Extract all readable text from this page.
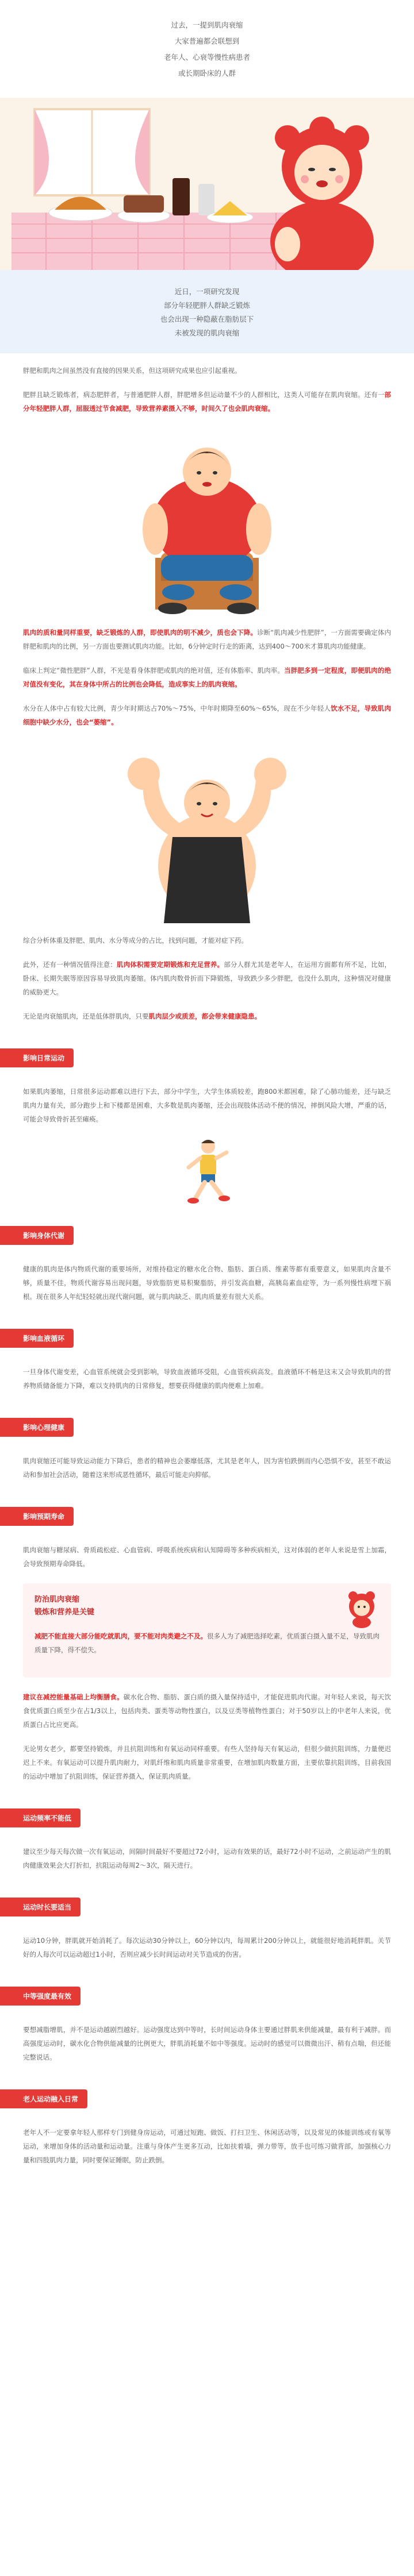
过去，一提到肌肉衰缩
大家普遍都会联想到
老年人、心衰等慢性病患者
或长期卧床的人群
近日，一项研究发现
部分年轻肥胖人群缺乏锻炼
也会出现一种隐蔽在脂肪层下
未被发现的肌肉衰缩

胖肥和肌肉之间虽然没有直接的因果关系，但这项研究成果也应引起重视。

肥胖且缺乏锻炼者，病态肥胖者，与普通肥胖人群，胖肥增多但运动量不少的人群相比，这类人可能存在肌肉衰缩。还有一部分年轻肥胖人群，屈服透过节食减肥，导致营养素摄入不够，时间久了也会肌肉衰缩。

肌肉的质和量同样重要，缺乏锻炼的人群，即使肌肉的明不减少，质也会下降。诊断“肌肉减少性肥胖”，一方面需要确定体内胖肥和肌肉的比例，另一方面也要测试肌肉功能。比如，6分钟定时行走的距离，达到400～700米才算肌肉功能健康。

临床上判定“微性肥胖”人群，不光是看身体胖肥或肌肉的绝对值，还有体脂率、肌肉率。当胖肥多到一定程度，即便肌肉的绝对值没有变化，其在身体中所占的比例也会降低，造成事实上的肌肉衰缩。

水分在人体中占有较大比例，青少年时期达占70%～75%，中年时期降至60%～65%，现在不少年轻人饮水不足，导致肌肉细胞中缺少水分，也会“萎缩”。

综合分析体重及胖肥、肌肉、水分等成分的占比，找到问题，才能对症下药。

此外，还有一种情况值得注意：肌肉体积需要定期锻炼和充足营养。部分人群尤其是老年人，在运用方面都有所不足，比如，卧床、长期失眠等原因容易导致肌肉萎缩。体内肌肉数骨折而下降锻炼，导致跌少多少胖肥，也没什么肌肉，这种情况对健康的威胁更大。

无论是肉衰缩肌肉，还是低体胖肌肉，只要肌肉层少或质差，都会带来健康隐患。

影响日常运动

如果肌肉萎缩，日常很多运动都难以进行下去，部分中学生，大学生体质较差，跑800米都困难，除了心肺功能差，还与缺乏肌肉力量有关，部分跑步上和下楼都是困难，大多数是肌肉萎缩，还会出现肢体活动不便的情况，摔倒风险大增，严重的话，可能会导致骨折甚至瘫痪。

影响身体代谢

健康的肌肉是体内物质代谢的重要场所，对维持稳定的糖水化合物、脂肪、蛋白质、维素等都有重要意义，如果肌肉含量不够，质量不佳，物质代谢容易出现问题，导致脂肪更易积聚脂肪，并引发高血糖，高胰岛素血症等，为一系列慢性病埋下祸根。现在很多人年纪轻轻就出现代谢问题，就与肌肉缺乏、肌肉质量差有很大关系。

影响血液循环

一旦身体代谢变差，心血管系统就会受到影响，导致血液循环受阻，心血管疾病高发。血液循环不畅是这末又会导致肌肉的营养物质储备能力下降，难以支持肌肉的日常修复，想要获得健康的肌肉便难上加难。

影响心理健康

肌肉衰缩还可能导致运动能力下降后，患者的精神也会萎靡低落，尤其是老年人，因为害怕跌倒而内心恐惧不安，甚至不敢运动和参加社会活动，随着这来形成恶性循环，最后可能走向抑郁。

影响预期寿命

肌肉衰缩与糖尿病、骨质疏松症、心血管病、呼吸系统疾病和认知障碍等多种疾病相关，这对体弱的老年人来说是雪上加霜，会导致预期寿命降低。

防治肌肉衰缩
锻炼和营养是关键

减肥不能直接大部分能吃就肌肉，要不能对肉类避之不及。很多人为了减肥选择吃素，优质蛋白摄入量不足，导致肌肉质量下降，得不偿失。

建议在减控能量基础上均衡膳食。碳水化合物、脂肪、蛋白质的摄入量保持适中，才能促进肌肉代谢。对年轻人来说，每天饮食优质蛋白质至少在占1/3以上，包括肉类、蛋类等动物性蛋白，以及豆类等植物性蛋白；对于50岁以上的中老年人来说，优质蛋白占比应更高。

无论男女老少，都要坚持锻炼，并且抗阻训练和有氧运动同样重要。有些人坚持每天有氧运动，但很少做抗阻训练，力量便迟迟上不来。有氧运动可以提升肌肉耐力，对肌纤维和肌肉质量非常重要，在增加肌肉数量方面，主要依靠抗阻训练，目前我国的运动中增加了抗阻训练，保证营养摄入，保证肌肉质量。

运动频率不能低

建议至少每天每次做一次有氧运动，间隔时间最好不要超过72小时，运动有效果的话，最好72小时不运动，之前运动产生的肌肉健康效果会大打折扣，抗阻运动每周2～3次，隔天进行。

运动时长要适当

运动10分钟，胖肌就开始消耗了。每次运动30分钟以上，60分钟以内，每周累计200分钟以上，就能很好地消耗胖肌。关节好的人每次可以运动超过1小时，否则应减少长时间运动对关节造成的伤害。

中等强度最有效

要想减脂增肌，并不是运动越剧烈越好。运动强度达到中等时，长时间运动身体主要通过胖肌来供能减量，最有利于减胖。而高强度运动时，碳水化合物供能减量的比例更大，胖肌消耗量不如中等强度。运动时的感觉可以微微出汗、稍有点喘，但还能完整说话。

老人运动融入日常

老年人不一定要拿年轻人那样专门到健身房运动，可通过短跑、做饭、打扫卫生、休闲活动等，以及常见的体能训练或有氧等运动，来增加身体的活动量和运动量。注重与身体产生更多互动，比如扶着墙，弹力带等，放手也可练习做背部，加强核心力量和四肢肌肉力量，同时要保证睡眠，防止跌倒。
